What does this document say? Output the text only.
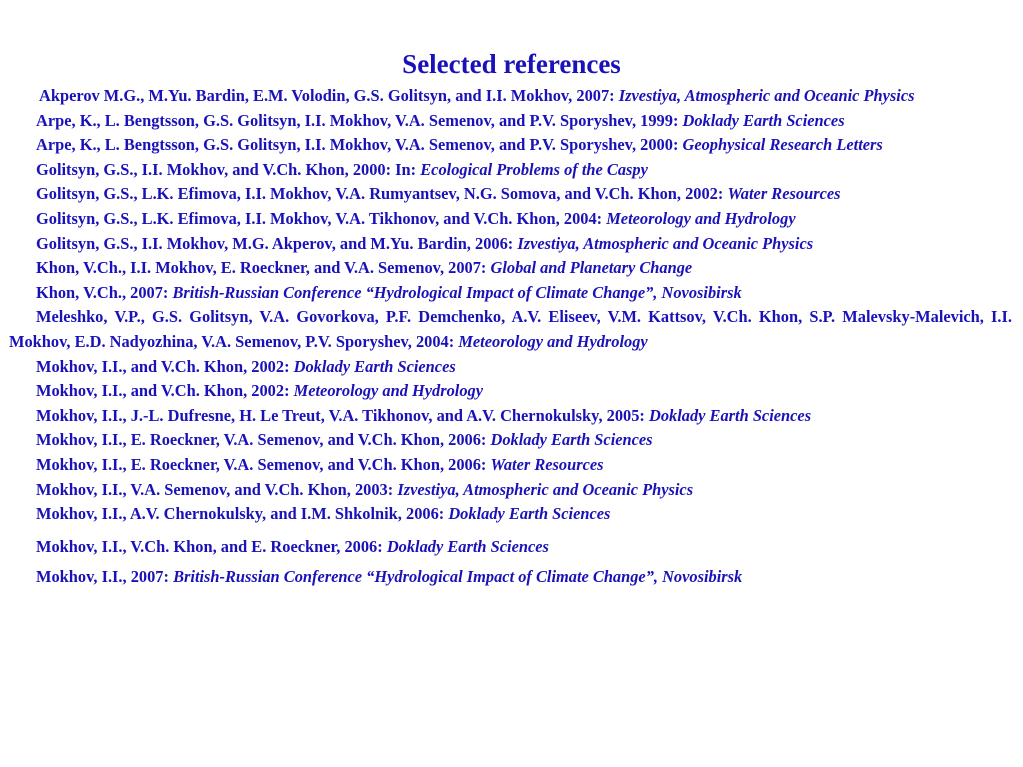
Selected references
Akperov M.G., M.Yu. Bardin, E.M. Volodin, G.S. Golitsyn, and I.I. Mokhov, 2007: Izvestiya, Atmospheric and Oceanic Physics
Arpe, K., L. Bengtsson, G.S. Golitsyn, I.I. Mokhov, V.A. Semenov, and P.V. Sporyshev, 1999: Doklady Earth Sciences
Arpe, K., L. Bengtsson, G.S. Golitsyn, I.I. Mokhov, V.A. Semenov, and P.V. Sporyshev, 2000: Geophysical Research Letters
Golitsyn, G.S., I.I. Mokhov, and V.Ch. Khon, 2000: In: Ecological Problems of the Caspy
Golitsyn, G.S., L.K. Efimova, I.I. Mokhov, V.A. Rumyantsev, N.G. Somova, and V.Ch. Khon, 2002: Water Resources
Golitsyn, G.S., L.K. Efimova, I.I. Mokhov, V.A. Tikhonov, and V.Ch. Khon, 2004: Meteorology and Hydrology
Golitsyn, G.S., I.I. Mokhov, M.G. Akperov, and M.Yu. Bardin, 2006: Izvestiya, Atmospheric and Oceanic Physics
Khon, V.Ch., I.I. Mokhov, E. Roeckner, and V.A. Semenov, 2007: Global and Planetary Change
Khon, V.Ch., 2007: British-Russian Conference “Hydrological Impact of Climate Change”, Novosibirsk
Meleshko, V.P., G.S. Golitsyn, V.A. Govorkova, P.F. Demchenko, A.V. Eliseev, V.M. Kattsov, V.Ch. Khon, S.P. Malevsky-Malevich, I.I. Mokhov, E.D. Nadyozhina, V.A. Semenov, P.V. Sporyshev, 2004: Meteorology and Hydrology
Mokhov, I.I., and V.Ch. Khon, 2002: Doklady Earth Sciences
Mokhov, I.I., and V.Ch. Khon, 2002: Meteorology and Hydrology
Mokhov, I.I., J.-L. Dufresne, H. Le Treut, V.A. Tikhonov, and A.V. Chernokulsky, 2005: Doklady Earth Sciences
Mokhov, I.I., E. Roeckner, V.A. Semenov, and V.Ch. Khon, 2006: Doklady Earth Sciences
Mokhov, I.I., E. Roeckner, V.A. Semenov, and V.Ch. Khon, 2006: Water Resources
Mokhov, I.I., V.A. Semenov, and V.Ch. Khon, 2003: Izvestiya, Atmospheric and Oceanic Physics
Mokhov, I.I., A.V. Chernokulsky, and I.M. Shkolnik, 2006: Doklady Earth Sciences
Mokhov, I.I., V.Ch. Khon, and E. Roeckner, 2006: Doklady Earth Sciences
Mokhov, I.I., 2007: British-Russian Conference “Hydrological Impact of Climate Change”, Novosibirsk
